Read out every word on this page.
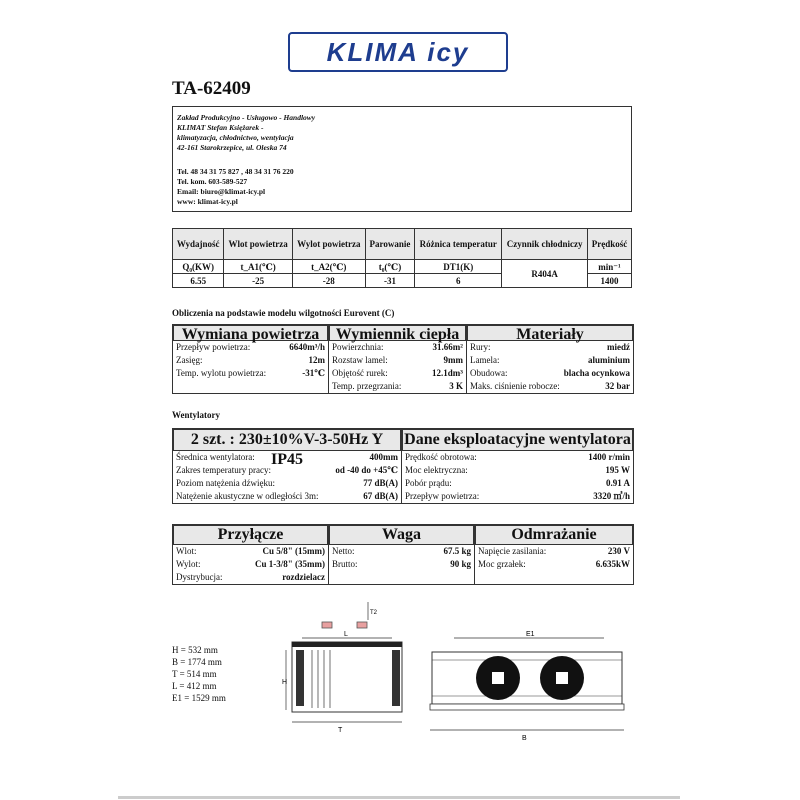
KLIMA icy
TA-62409
Zakład Produkcyjno - Usługowo - Handlowy
KLIMAT Stefan Księżarek -
klimatyzacja, chłodnictwo, wentylacja
42-161 Starokrzepice, ul. Oleska 74
Tel. 48 34 31 75 827 , 48 34 31 76 220
Tel. kom. 603-589-527
Email: biuro@klimat-icy.pl
www: klimat-icy.pl
Wydajność	Wlot powietrza	Wylot powietrza	Parowanie	Różnica temperatur	Czynnik chłodniczy	Prędkość
Q₀(KW)	t_A1(℃)	t_A2(℃)	t₀(℃)	DT1(K)	R404A	min⁻¹
6.55	-25	-28	-31	6		1400
Obliczenia na podstawie modelu wilgotności Eurovent (C)
Wymiana powietrza
Przepływ powietrza:	6640m³/h
Zasięg:	12m
Temp. wylotu powietrza:	-31℃
Wymiennik ciepła
Powierzchnia:	31.66m²
Rozstaw lamel:	9mm
Objętość rurek:	12.1dm³
Temp. przegrzania:	3 K
Materiały
Rury:	miedź
Lamela:	aluminium
Obudowa:	blacha ocynkowa
Maks. ciśnienie robocze:	32 bar
Wentylatory
2 szt. : 230±10%V-3-50Hz Y IP45
Średnica wentylatora:	400mm
Zakres temperatury pracy:	od -40 do +45℃
Poziom natężenia dźwięku:	77 dB(A)
Natężenie akustyczne w odległości 3m:	67 dB(A)
Dane eksploatacyjne wentylatora
Prędkość obrotowa:	1400 r/min
Moc elektryczna:	195 W
Pobór prądu:	0.91 A
Przepływ powietrza:	3320 ㎥/h
Przyłącze
Wlot:	Cu 5/8" (15mm)
Wylot:	Cu 1-3/8" (35mm)
Dystrybucja:	rozdzielacz
Waga
Netto:	67.5 kg
Brutto:	90 kg
Odmrażanie
Napięcie zasilania:	230 V
Moc grzałek:	6.635kW
H = 532 mm
B = 1774 mm
T = 514 mm
L = 412 mm
E1 = 1529 mm
T2
L
H
T
E1
B
